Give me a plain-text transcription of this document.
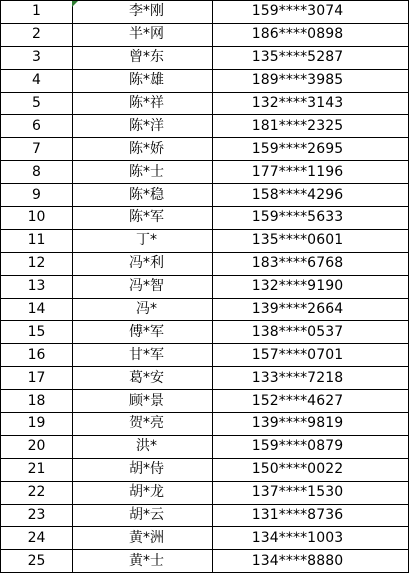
1	李*刚	159****3074
2	半*网	186****0898
3	曾*东	135****5287
4	陈*雄	189****3985
5	陈*祥	132****3143
6	陈*洋	181****2325
7	陈*娇	159****2695
8	陈*士	177****1196
9	陈*稳	158****4296
10	陈*军	159****5633
11	丁*	135****0601
12	冯*利	183****6768
13	冯*智	132****9190
14	冯*	139****2664
15	傅*军	138****0537
16	甘*军	157****0701
17	葛*安	133****7218
18	顾*景	152****4627
19	贺*亮	139****9819
20	洪*	159****0879
21	胡*侍	150****0022
22	胡*龙	137****1530
23	胡*云	131****8736
24	黄*洲	134****1003
25	黄*士	134****8880
